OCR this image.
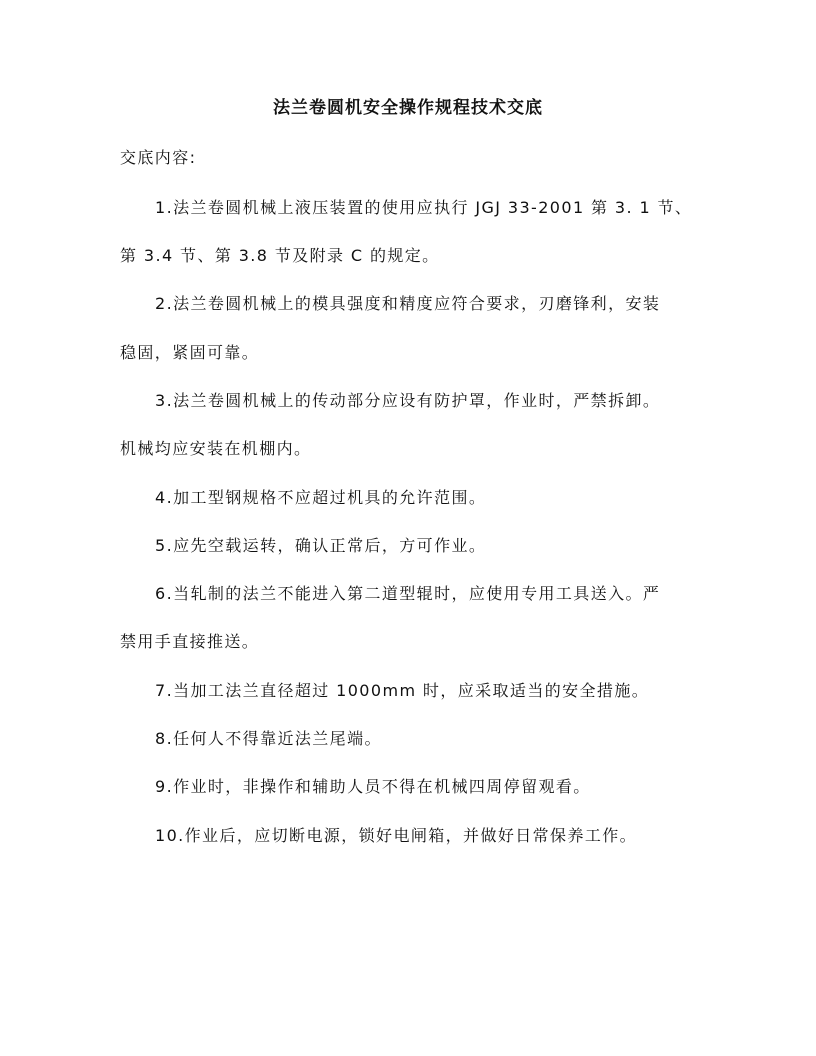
法兰卷圆机安全操作规程技术交底
交底内容:
1.法兰卷圆机械上液压装置的使用应执行 JGJ 33-2001 第 3. 1 节、
第 3.4 节、第 3.8 节及附录 C 的规定。
2.法兰卷圆机械上的模具强度和精度应符合要求，刃磨锋利，安装
稳固，紧固可靠。
3.法兰卷圆机械上的传动部分应设有防护罩，作业时，严禁拆卸。
机械均应安装在机棚内。
4.加工型钢规格不应超过机具的允许范围。
5.应先空载运转，确认正常后，方可作业。
6.当轧制的法兰不能进入第二道型辊时，应使用专用工具送入。严
禁用手直接推送。
7.当加工法兰直径超过 1000mm 时，应采取适当的安全措施。
8.任何人不得靠近法兰尾端。
9.作业时，非操作和辅助人员不得在机械四周停留观看。
10.作业后，应切断电源，锁好电闸箱，并做好日常保养工作。
